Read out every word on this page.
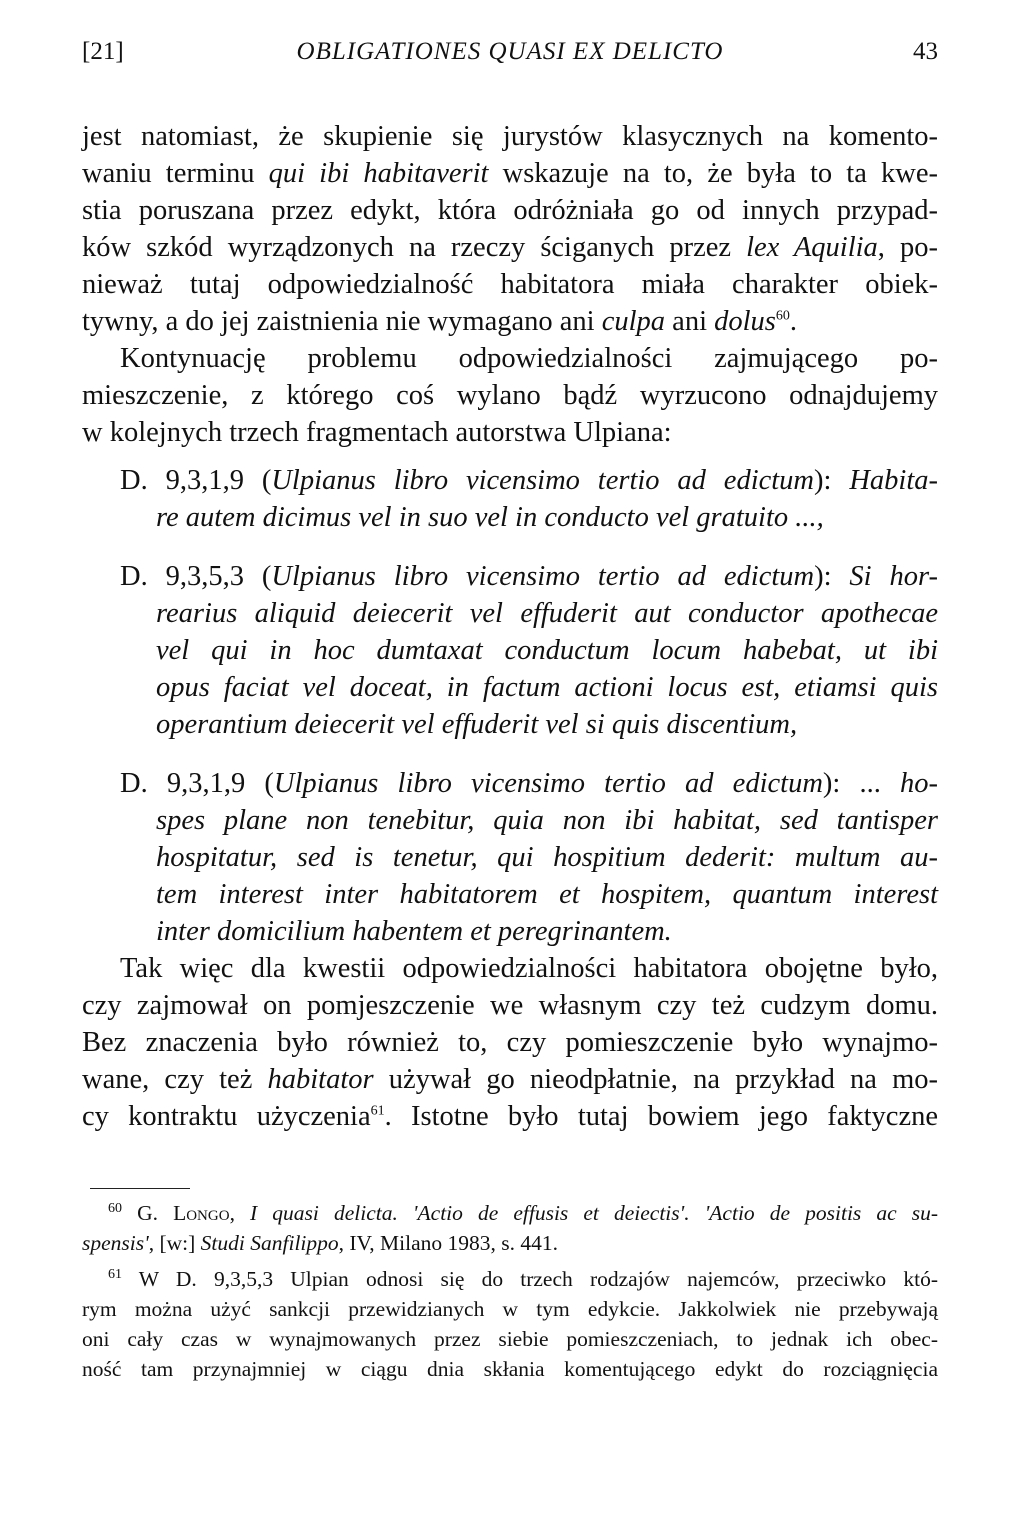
[21]	OBLIGATIONES QUASI EX DELICTO	43

jest natomiast, że skupienie się jurystów klasycznych na komento-
waniu terminu qui ibi habitaverit wskazuje na to, że była to ta kwe-
stia poruszana przez edykt, która odróżniała go od innych przypad-
ków szkód wyrządzonych na rzeczy ściganych przez lex Aquilia, po-
nieważ tutaj odpowiedzialność habitatora miała charakter obiek-
tywny, a do jej zaistnienia nie wymagano ani culpa ani dolus$^{60}$.

Kontynuację problemu odpowiedzialności zajmującego po-
mieszczenie, z którego coś wylano bądź wyrzucono odnajdujemy
w kolejnych trzech fragmentach autorstwa Ulpiana:

D. 9,3,1,9 (Ulpianus libro vicensimo tertio ad edictum): Habita-
re autem dicimus vel in suo vel in conducto vel gratuito ...,
D. 9,3,5,3 (Ulpianus libro vicensimo tertio ad edictum): Si hor-
rearius aliquid deiecerit vel effuderit aut conductor apothecae
vel qui in hoc dumtaxat conductum locum habebat, ut ibi
opus faciat vel doceat, in factum actioni locus est, etiamsi quis
operantium deiecerit vel effuderit vel si quis discentium,
D. 9,3,1,9 (Ulpianus libro vicensimo tertio ad edictum): ... ho-
spes plane non tenebitur, quia non ibi habitat, sed tantisper
hospitatur, sed is tenetur, qui hospitium dederit: multum au-
tem interest inter habitatorem et hospitem, quantum interest
inter domicilium habentem et peregrinantem.
Tak więc dla kwestii odpowiedzialności habitatora obojętne było,
czy zajmował on pomjeszczenie we własnym czy też cudzym domu.
Bez znaczenia było również to, czy pomieszczenie było wynajmo-
wane, czy też habitator używał go nieodpłatnie, na przykład na mo-
cy kontraktu użyczenia$^{61}$. Istotne było tutaj bowiem jego faktyczne

$^{60}$ G. Longo, I quasi delicta. 'Actio de effusis et deiectis'. 'Actio de positis ac su-
spensis', [w:] Studi Sanfilippo, IV, Milano 1983, s. 441.

$^{61}$ W D. 9,3,5,3 Ulpian odnosi się do trzech rodzajów najemców, przeciwko któ-
rym można użyć sankcji przewidzianych w tym edykcie. Jakkolwiek nie przebywają
oni cały czas w wynajmowanych przez siebie pomieszczeniach, to jednak ich obec-
ność tam przynajmniej w ciągu dnia skłania komentującego edykt do rozciągnięcia
